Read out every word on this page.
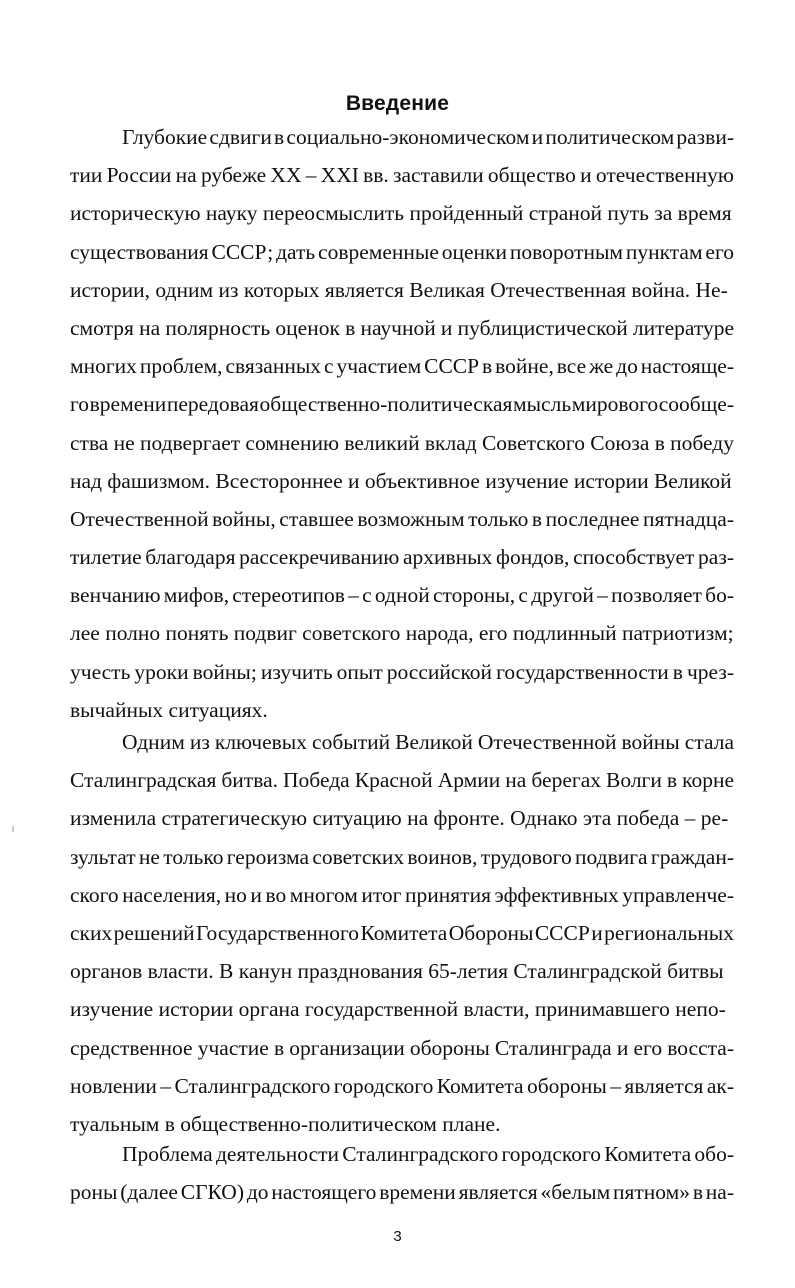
Введение
Глубокие сдвиги в социально-экономическом и политическом разви-
тии России на рубеже XX – XXI вв. заставили общество и отечественную
историческую науку переосмыслить пройденный страной путь за время
существования СССР; дать современные оценки поворотным пунктам его
истории, одним из которых является Великая Отечественная война. Не-
смотря на полярность оценок в научной и публицистической литературе
многих проблем, связанных с участием СССР в войне, все же до настояще-
го времени передовая общественно-политическая мысль мирового сообще-
ства не подвергает сомнению великий вклад Советского Союза в победу
над фашизмом. Всестороннее и объективное изучение истории Великой
Отечественной войны, ставшее возможным только в последнее пятнадца-
тилетие благодаря рассекречиванию архивных фондов, способствует раз-
венчанию мифов, стереотипов – с одной стороны, с другой – позволяет бо-
лее полно понять подвиг советского народа, его подлинный патриотизм;
учесть уроки войны; изучить опыт российской государственности в чрез-
вычайных ситуациях.
Одним из ключевых событий Великой Отечественной войны стала
Сталинградская битва. Победа Красной Армии на берегах Волги в корне
изменила стратегическую ситуацию на фронте. Однако эта победа – ре-
зультат не только героизма советских воинов, трудового подвига граждан-
ского населения, но и во многом итог принятия эффективных управленче-
ских решений Государственного Комитета Обороны СССР и региональных
органов власти. В канун празднования 65-летия Сталинградской битвы
изучение истории органа государственной власти, принимавшего непо-
средственное участие в организации обороны Сталинграда и его восста-
новлении – Сталинградского городского Комитета обороны – является ак-
туальным в общественно-политическом плане.
Проблема деятельности Сталинградского городского Комитета обо-
роны (далее СГКО) до настоящего времени является «белым пятном» в на-
3
